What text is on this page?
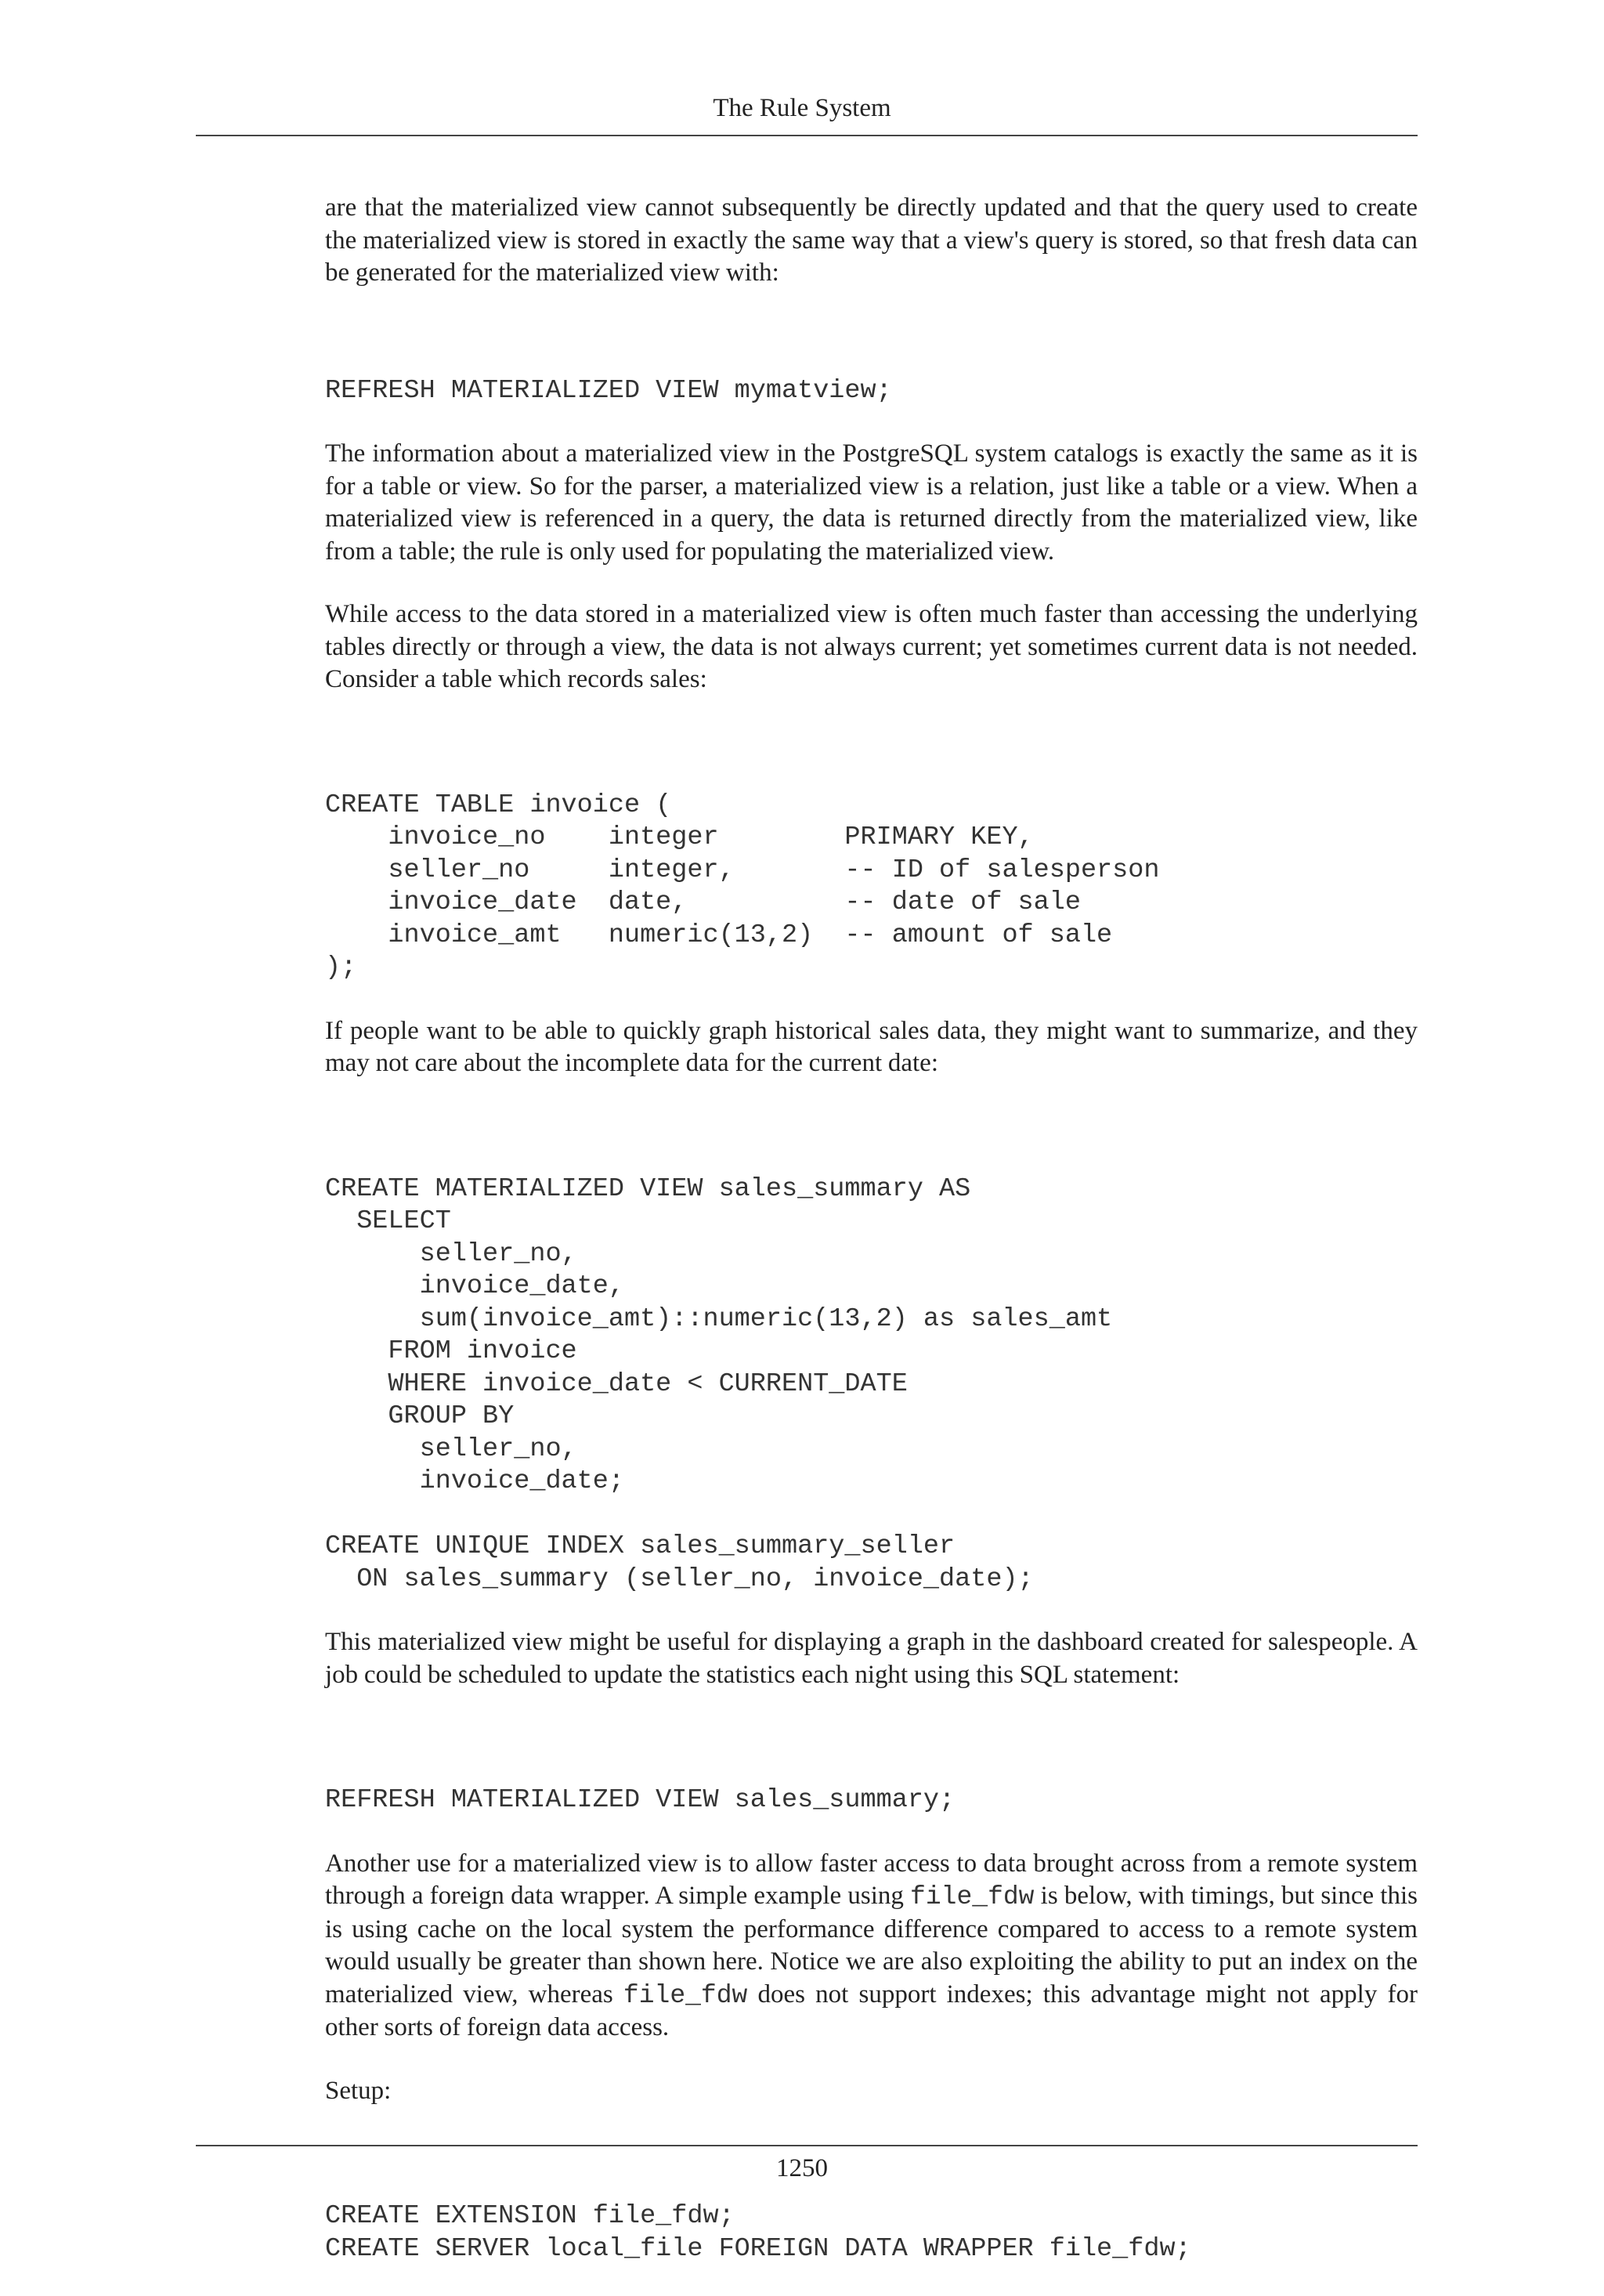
The Rule System

are that the materialized view cannot subsequently be directly updated and that the query used to create the materialized view is stored in exactly the same way that a view's query is stored, so that fresh data can be generated for the materialized view with:

REFRESH MATERIALIZED VIEW mymatview;

The information about a materialized view in the PostgreSQL system catalogs is exactly the same as it is for a table or view. So for the parser, a materialized view is a relation, just like a table or a view. When a materialized view is referenced in a query, the data is returned directly from the materialized view, like from a table; the rule is only used for populating the materialized view.

While access to the data stored in a materialized view is often much faster than accessing the underlying tables directly or through a view, the data is not always current; yet sometimes current data is not needed. Consider a table which records sales:

CREATE TABLE invoice (
invoice_no    integer        PRIMARY KEY,
seller_no     integer,       -- ID of salesperson
invoice_date  date,          -- date of sale
invoice_amt   numeric(13,2)  -- amount of sale
);

If people want to be able to quickly graph historical sales data, they might want to summarize, and they may not care about the incomplete data for the current date:

CREATE MATERIALIZED VIEW sales_summary AS
SELECT
seller_no,
invoice_date,
sum(invoice_amt)::numeric(13,2) as sales_amt
FROM invoice
WHERE invoice_date < CURRENT_DATE
GROUP BY
seller_no,
invoice_date;

CREATE UNIQUE INDEX sales_summary_seller
ON sales_summary (seller_no, invoice_date);

This materialized view might be useful for displaying a graph in the dashboard created for salespeople. A job could be scheduled to update the statistics each night using this SQL statement:

REFRESH MATERIALIZED VIEW sales_summary;

Another use for a materialized view is to allow faster access to data brought across from a remote system through a foreign data wrapper. A simple example using file_fdw is below, with timings, but since this is using cache on the local system the performance difference compared to access to a remote system would usually be greater than shown here. Notice we are also exploiting the ability to put an index on the materialized view, whereas file_fdw does not support indexes; this advantage might not apply for other sorts of foreign data access.

Setup:

CREATE EXTENSION file_fdw;
CREATE SERVER local_file FOREIGN DATA WRAPPER file_fdw;
1250
